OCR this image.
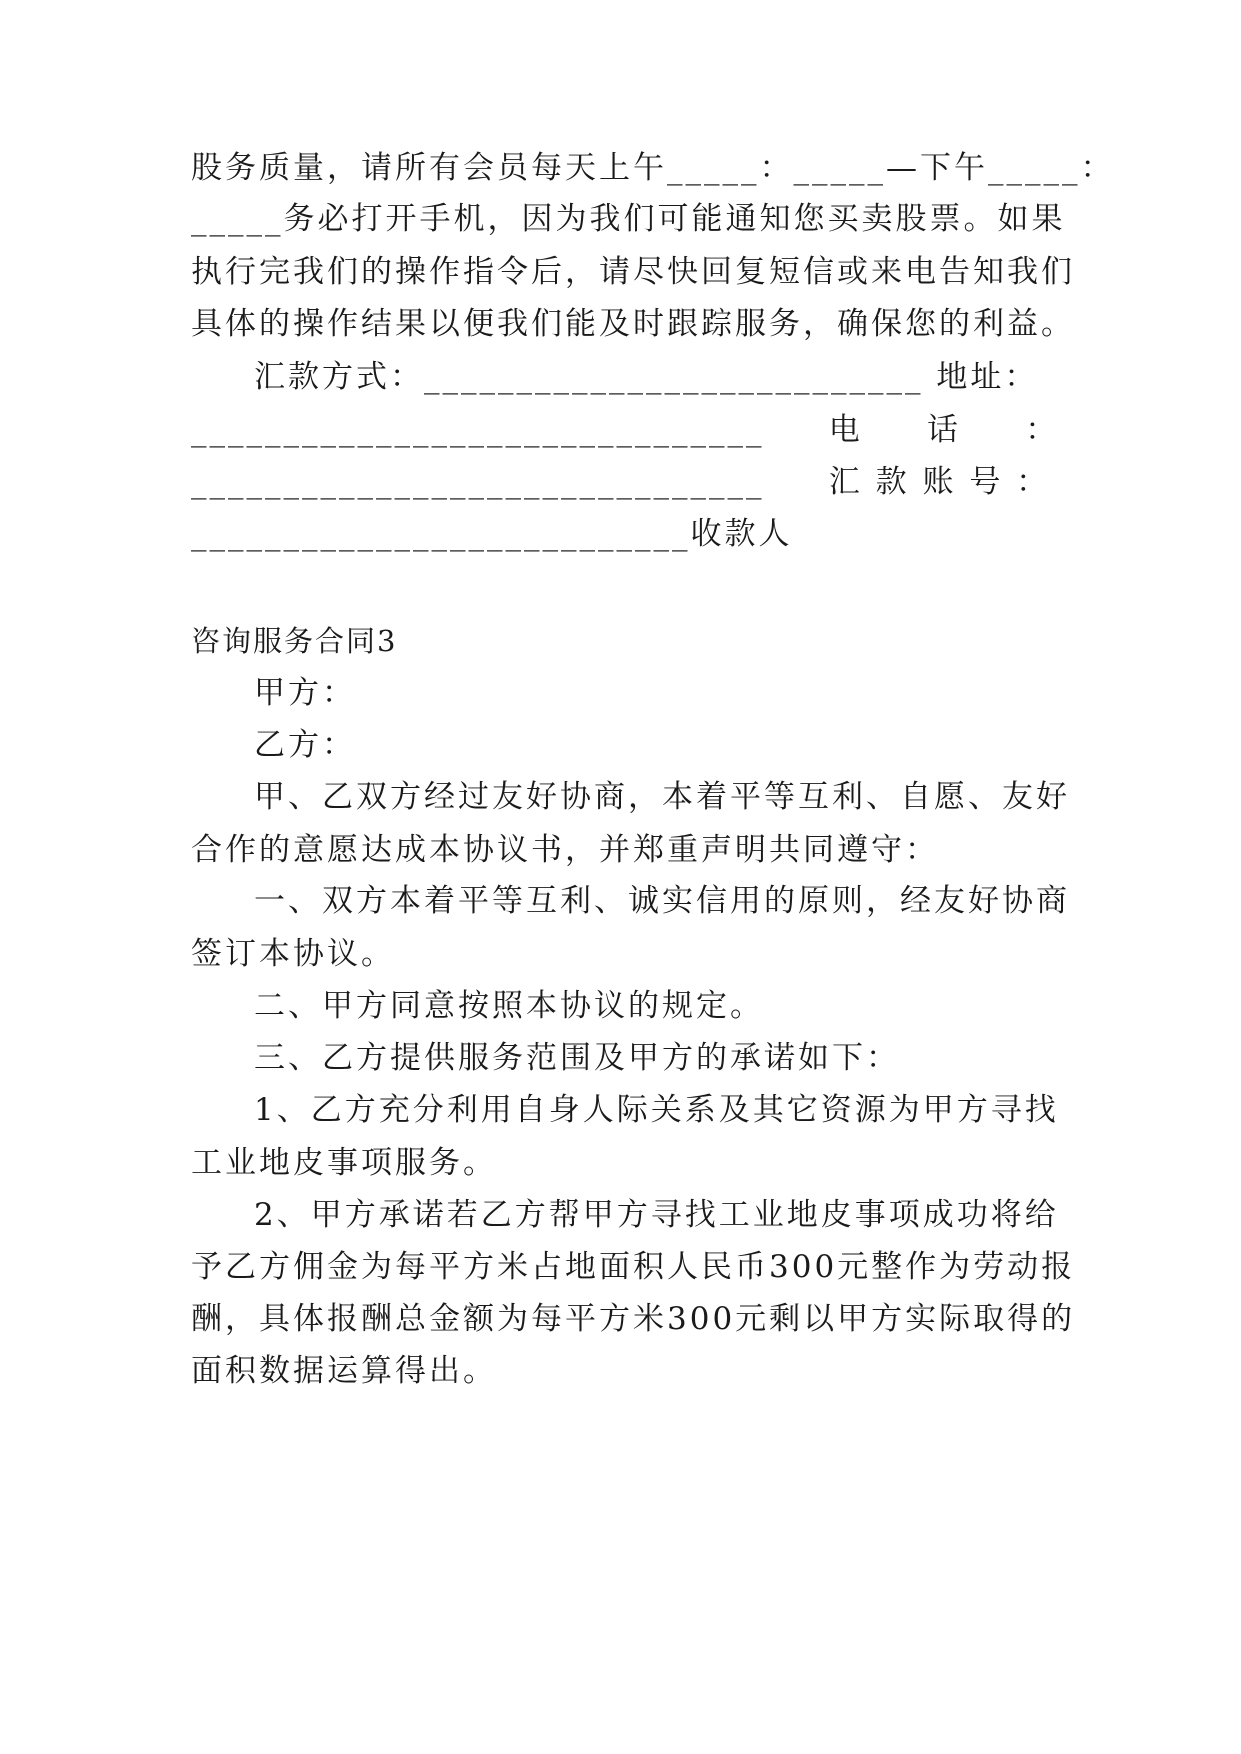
股务质量，请所有会员每天上午_____：_____—下午_____：
_____务必打开手机，因为我们可能通知您买卖股票。如果
执行完我们的操作指令后，请尽快回复短信或来电告知我们
具体的操作结果以便我们能及时跟踪服务，确保您的利益。
汇款方式：___________________________ 地址：
_______________________________     电     话     ：
_______________________________     汇 款 账 号 ：
___________________________收款人
咨询服务合同3
甲方：
乙方：
甲、乙双方经过友好协商，本着平等互利、自愿、友好
合作的意愿达成本协议书，并郑重声明共同遵守：
一、双方本着平等互利、诚实信用的原则，经友好协商
签订本协议。
二、甲方同意按照本协议的规定。
三、乙方提供服务范围及甲方的承诺如下：
1、乙方充分利用自身人际关系及其它资源为甲方寻找
工业地皮事项服务。
2、甲方承诺若乙方帮甲方寻找工业地皮事项成功将给
予乙方佣金为每平方米占地面积人民币300元整作为劳动报
酬，具体报酬总金额为每平方米300元剩以甲方实际取得的
面积数据运算得出。
